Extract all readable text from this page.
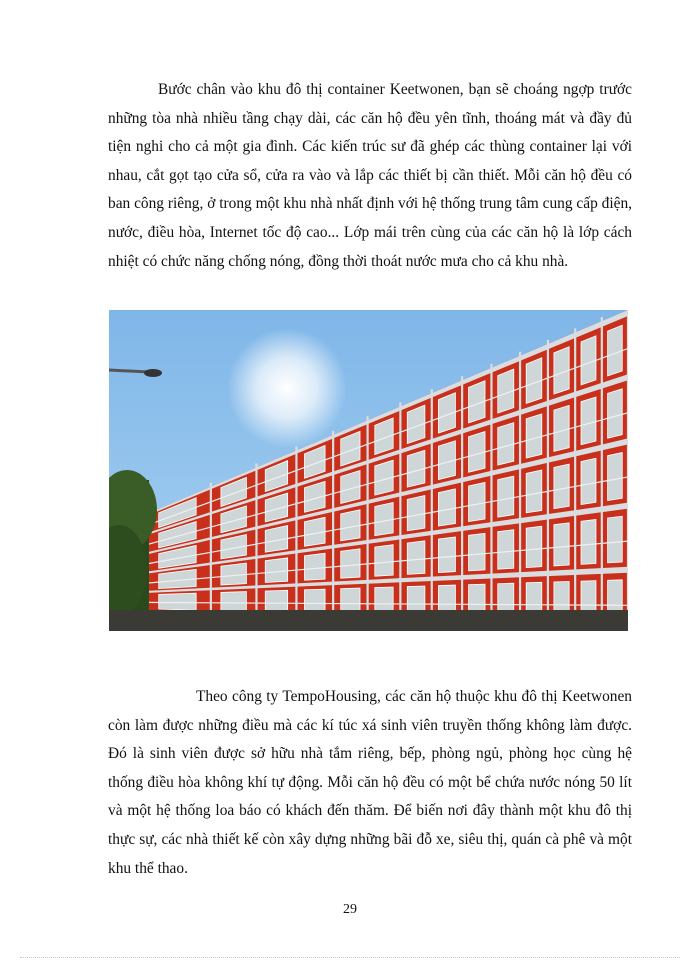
Bước chân vào khu đô thị container Keetwonen, bạn sẽ choáng ngợp trước những tòa nhà nhiều tầng chạy dài, các căn hộ đều yên tĩnh, thoáng mát và đầy đủ tiện nghi cho cả một gia đình. Các kiến trúc sư đã ghép các thùng container lại với nhau, cắt gọt tạo cửa sổ, cửa ra vào và lắp các thiết bị cần thiết. Mỗi căn hộ đều có ban công riêng, ở trong một khu nhà nhất định với hệ thống trung tâm cung cấp điện, nước, điều hòa, Internet tốc độ cao... Lớp mái trên cùng của các căn hộ là lớp cách nhiệt có chức năng chống nóng, đồng thời thoát nước mưa cho cả khu nhà.

Theo công ty TempoHousing, các căn hộ thuộc khu đô thị Keetwonen còn làm được những điều mà các kí túc xá sinh viên truyền thống không làm được. Đó là sinh viên được sở hữu nhà tắm riêng, bếp, phòng ngủ, phòng học cùng hệ thống điều hòa không khí tự động. Mỗi căn hộ đều có một bể chứa nước nóng 50 lít và một hệ thống loa báo có khách đến thăm. Để biến nơi đây thành một khu đô thị thực sự, các nhà thiết kế còn xây dựng những bãi đỗ xe, siêu thị, quán cà phê và một khu thể thao.

29
